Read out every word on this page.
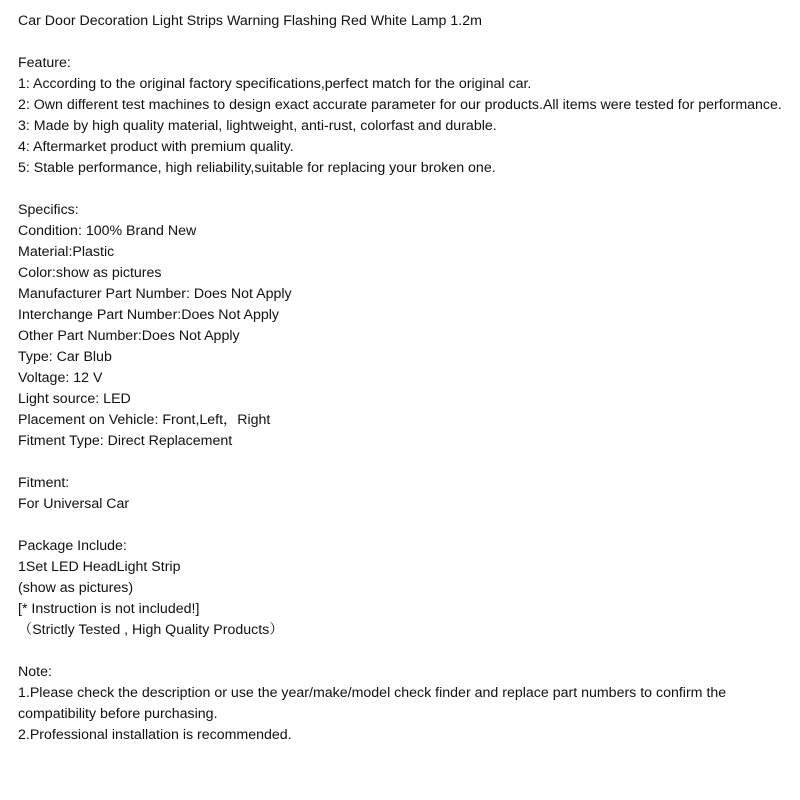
Car Door Decoration Light Strips Warning Flashing Red White Lamp 1.2m
Feature:
1: According to the original factory specifications,perfect match for the original car.
2: Own different test machines to design exact accurate parameter for our products.All items were tested for performance.
3: Made by high quality material, lightweight, anti-rust, colorfast and durable.
4: Aftermarket product with premium quality.
5: Stable performance, high reliability,suitable for replacing your broken one.
Specifics:
Condition: 100% Brand New
Material:Plastic
Color:show as pictures
Manufacturer Part Number: Does Not Apply
Interchange Part Number:Does Not Apply
Other Part Number:Does Not Apply
Type: Car Blub
Voltage: 12 V
Light source: LED
Placement on Vehicle: Front,Left，Right
Fitment Type: Direct Replacement
Fitment:
For Universal Car
Package Include:
1Set LED HeadLight Strip
(show as pictures)
[* Instruction is not included!]
（Strictly Tested , High Quality Products）
Note:
1.Please check the description or use the year/make/model check finder and replace part numbers to confirm the compatibility before purchasing.
2.Professional installation is recommended.
